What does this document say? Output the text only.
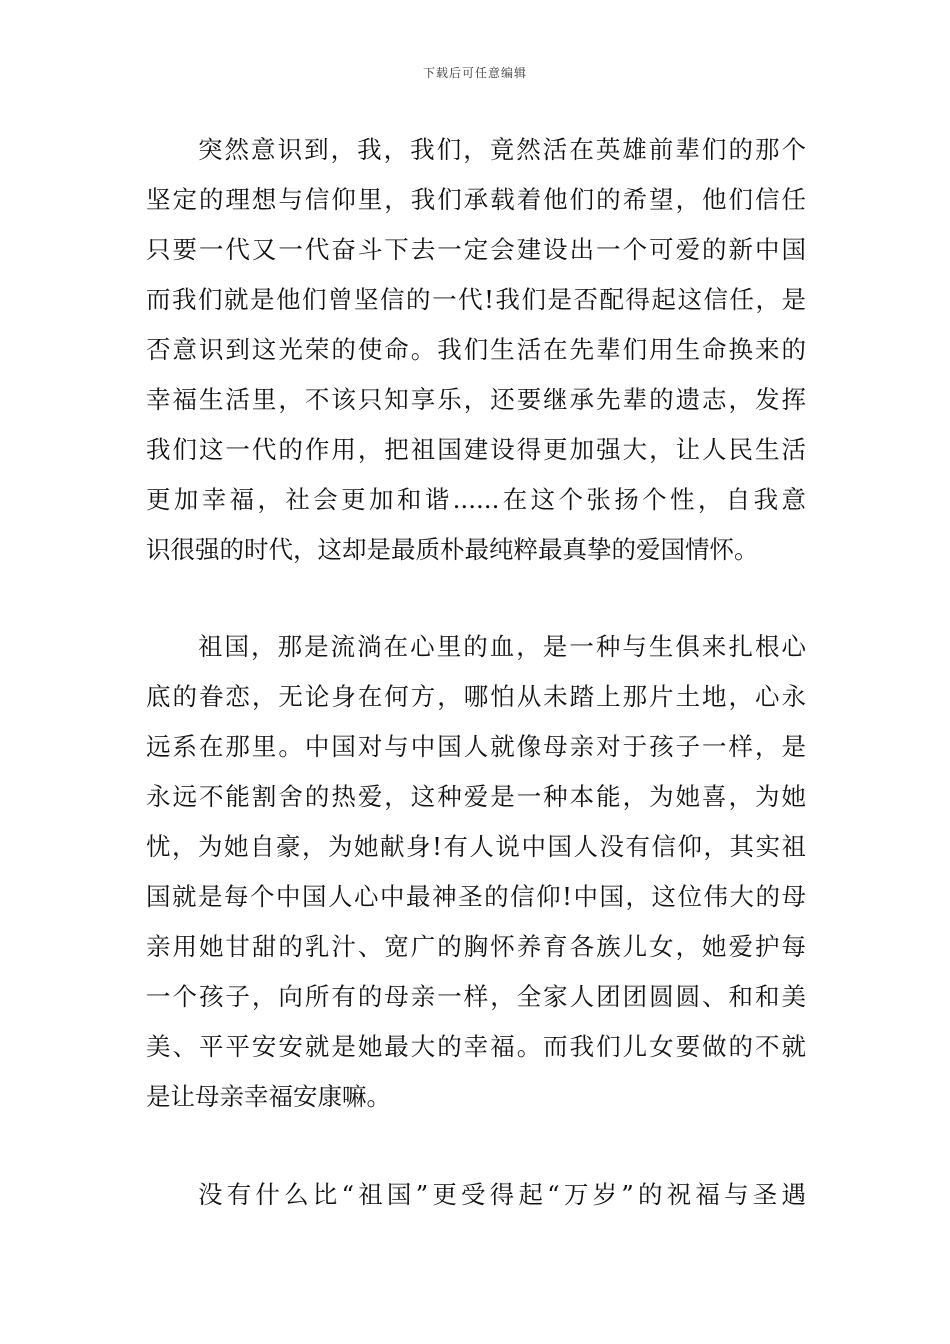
下载后可任意编辑
突然意识到，我，我们，竟然活在英雄前辈们的那个
坚定的理想与信仰里，我们承载着他们的希望，他们信任
只要一代又一代奋斗下去一定会建设出一个可爱的新中国
而我们就是他们曾坚信的一代!我们是否配得起这信任，是
否意识到这光荣的使命。我们生活在先辈们用生命换来的
幸福生活里，不该只知享乐，还要继承先辈的遗志，发挥
我们这一代的作用，把祖国建设得更加强大，让人民生活
更加幸福，社会更加和谐......在这个张扬个性，自我意
识很强的时代，这却是最质朴最纯粹最真挚的爱国情怀。
祖国，那是流淌在心里的血，是一种与生俱来扎根心
底的眷恋，无论身在何方，哪怕从未踏上那片土地，心永
远系在那里。中国对与中国人就像母亲对于孩子一样，是
永远不能割舍的热爱，这种爱是一种本能，为她喜，为她
忧，为她自豪，为她献身!有人说中国人没有信仰，其实祖
国就是每个中国人心中最神圣的信仰!中国，这位伟大的母
亲用她甘甜的乳汁、宽广的胸怀养育各族儿女，她爱护每
一个孩子，向所有的母亲一样，全家人团团圆圆、和和美
美、平平安安就是她最大的幸福。而我们儿女要做的不就
是让母亲幸福安康嘛。
没有什么比“祖国”更受得起“万岁”的祝福与圣遇
